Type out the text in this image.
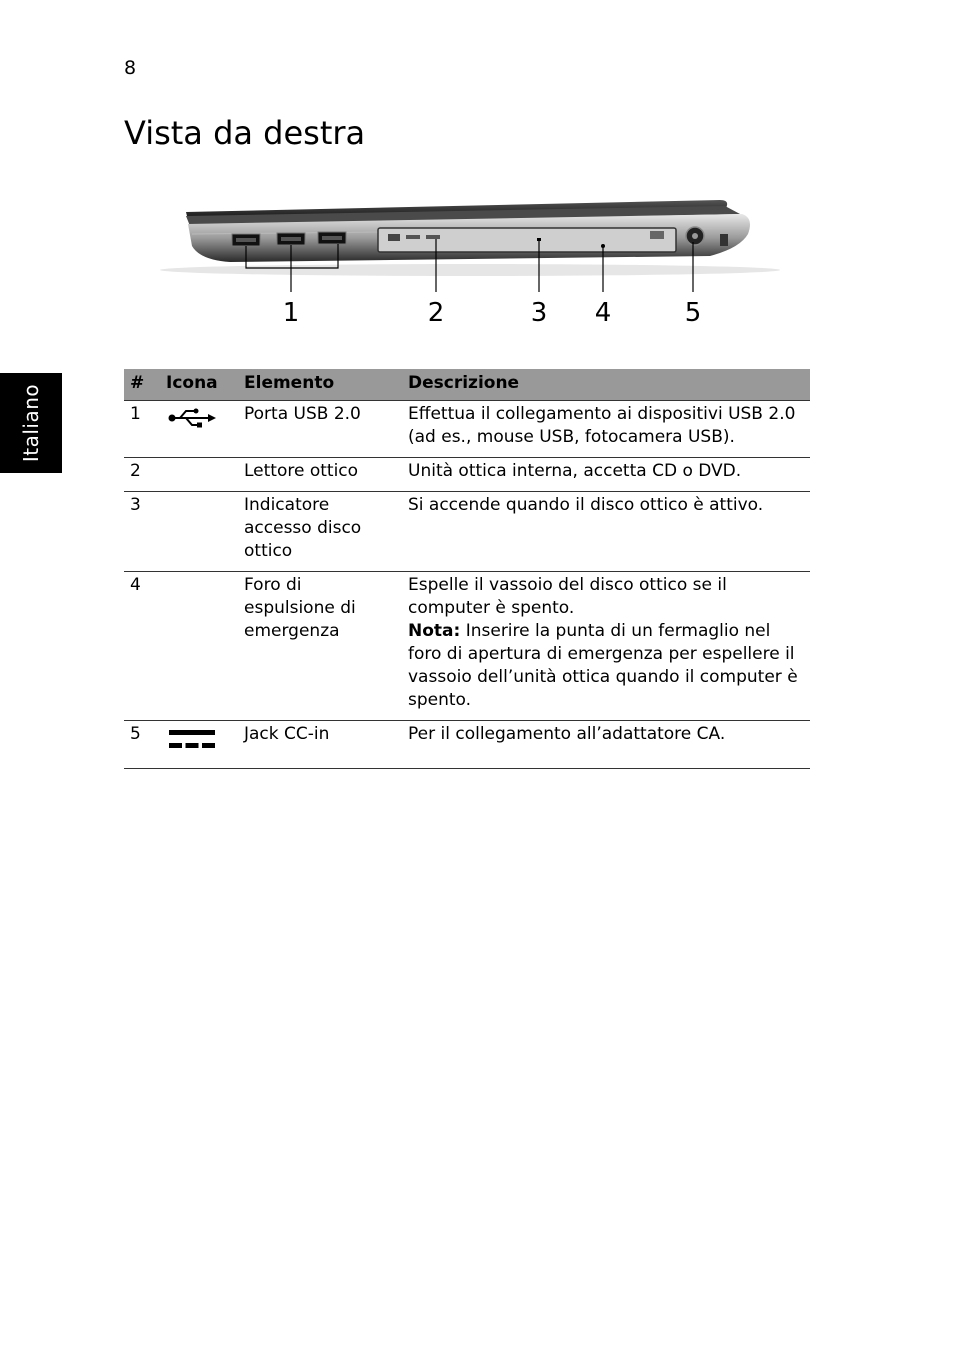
8
Vista da destra
Italiano
1	2	3 4	5
#	Icona	Elemento	Descrizione
1		Porta USB 2.0	Effettua il collegamento ai dispositivi USB 2.0 (ad es., mouse USB, fotocamera USB).
2		Lettore ottico	Unità ottica interna, accetta CD o DVD.
3		Indicatore accesso disco ottico	Si accende quando il disco ottico è attivo.
4		Foro di espulsione di emergenza	Espelle il vassoio del disco ottico se il computer è spento.
Nota: Inserire la punta di un fermaglio nel foro di apertura di emergenza per espellere il vassoio dell’unità ottica quando il computer è spento.

5		Jack CC-in	Per il collegamento all’adattatore CA.
